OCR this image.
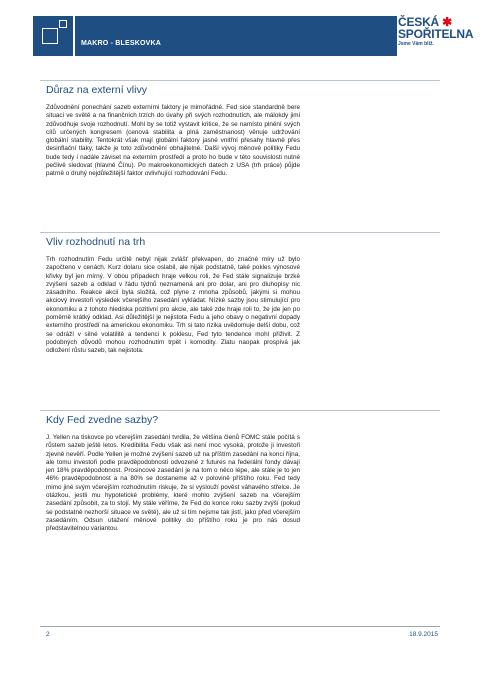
MAKRO - BLESKOVKA
ČESKÁ ✱
SPOŘITELNA
Jsme Vám blíž.
Důraz na externí vlivy
Zdůvodnění ponechání sazeb externími faktory je mimořádné. Fed sice standardně bere situaci ve světě a na finančních trzích do úvahy při svých rozhodnutích, ale málokdy jimi zdůvodňuje svoje rozhodnutí. Mohl by se totiž vystavit kritice, že se namísto plnění svých cílů určených kongresem (cenová stabilita a plná zaměstnanost) věnuje udržování globální stability. Tentokrát však mají globální faktory jasné vnitřní přesahy hlavně přes desinflační tlaky, takže je toto zdůvodnění obhajitelné. Další vývoj měnové politiky Fedu bude tedy i nadále záviset na externím prostředí a proto ho bude v této souvislosti nutné pečlivě sledovat (hlavně Čínu). Po makroekonomických datech z USA (trh práce) půjde patrně o druhý nejdůležitější faktor ovlivňující rozhodování Fedu.
Vliv rozhodnutí na trh
Trh rozhodnutím Fedu určitě nebyl nijak zvlášť překvapen, do značné míry už bylo započteno v cenách. Kurz dolaru sice oslabil, ale nijak podstatně, také pokles výnosové křivky byl jen mírný. V obou případech hraje velkou roli, že Fed stále signalizuje brzké zvýšení sazeb a odklad v řádu týdnů neznamená ani pro dolar, ani pro dluhopisy nic zásadního. Reakce akcií byla složitá, což plyne z mnoha způsobů, jakými si mohou akciový investoři výsledek včerejšího zasedání vykládat. Nízké sazby jsou stimulující pro ekonomiku a z tohoto hlediska pozitivní pro akcie, ale také zde hraje roli to, že jde jen po poměrně krátký odklad. Asi důležitější je nejistota Fedu a jeho obavy o negativní dopady externího prostředí na americkou ekonomiku. Trh si tato rizika uvědomuje delší dobu, což se odráží v silné volatilitě a tendenci k poklesu, Fed tyto tendence mohl přiživit. Z podobných důvodů mohou rozhodnutím trpět i komodity. Zlatu naopak prospívá jak odložení růstu sazeb, tak nejistota.
Kdy Fed zvedne sazby?
J. Yellen na tiskovce po včerejším zasedání tvrdila, že většina členů FOMC stále počítá s růstem sazeb ještě letos. Kredibilita Fedu však asi není moc vysoká, protože ji investoři zjevně nevěří. Podle Yellen je možné zvýšení sazeb už na příštím zasedání na konci října, ale tomu investoři podle pravděpodobnosti odvozené z futures na federální fondy dávají jen 18% pravděpodobnost. Prosincové zasedání je na tom o něco lépe, ale stále je to jen 46% pravděpodobnost a na 80% se dostaneme až v polovině příštího roku. Fed tedy mimo jiné svým včerejším rozhodnutím riskuje, že si vyslouží pověst váhavého střelce. Je otázkou, jestli mu hypotetické problémy, které mohlo zvýšení sazeb na včerejším zasedání způsobit, za to stojí. My stále věříme, že Fed do konce roku sazby zvýší (pokud se podstatně nezhorší situace ve světě), ale už si tím nejsme tak jistí, jako před včerejším zasedáním. Odsun utažení měnové politiky do příštího roku je pro nás dosud představitelnou variantou.
2	18.9.2015
